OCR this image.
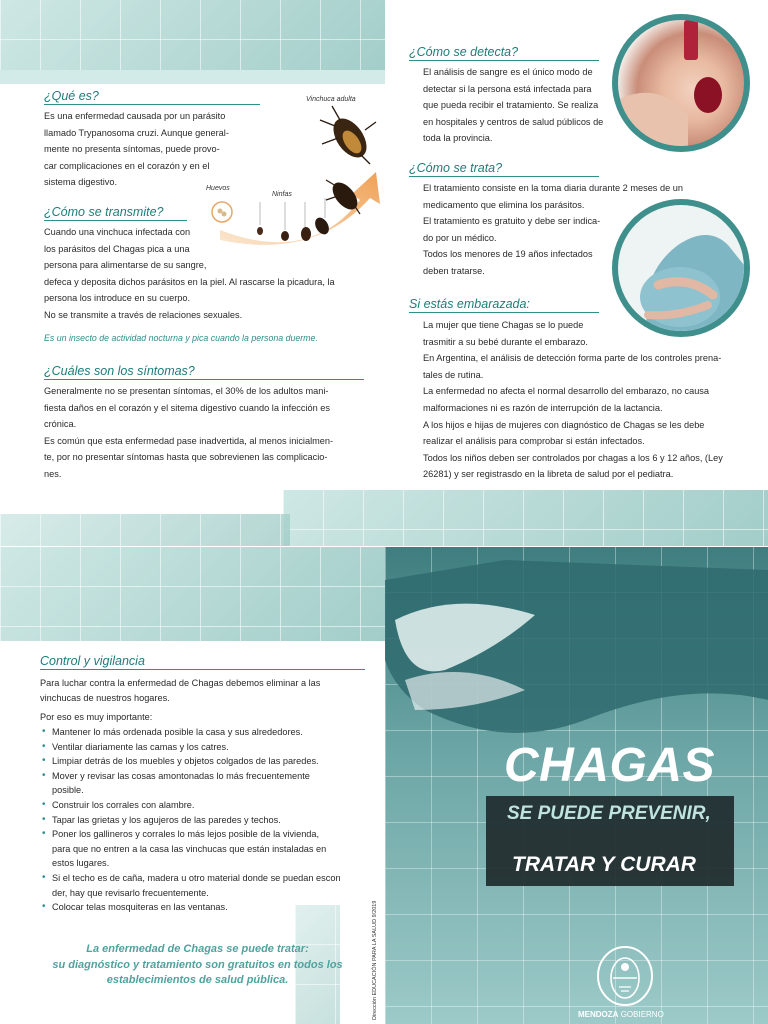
¿Qué es?

Es una enfermedad causada por un parásito

llamado Trypanosoma cruzi. Aunque general-

mente no presenta síntomas, puede provo-

car complicaciones en el corazón y en el

sistema digestivo.

Vinchuca adulta
Huevos
Ninfas
¿Cómo se transmite?

Cuando una vinchuca infectada con

los parásitos del Chagas pica a una

persona para alimentarse de su sangre,

defeca y deposita dichos parásitos en la piel. Al rascarse la picadura, la

persona los introduce en su cuerpo.

No se transmite a través de relaciones sexuales.

Es un insecto de actividad nocturna y pica cuando la persona duerme.
¿Cuáles son los síntomas?

Generalmente no se presentan síntomas, el 30% de los adultos mani-

fiesta daños en el corazón y el sitema digestivo cuando la infección es

crónica.

Es común que esta enfermedad pase inadvertida, al menos inicialmen-

te, por no presentar síntomas hasta que sobrevienen las complicacio-

nes.

¿Cómo se detecta?

El análisis de sangre es el único modo de

detectar si la persona está infectada para

que pueda recibir el tratamiento. Se realiza

en hospitales y centros de salud públicos de

toda la provincia.

¿Cómo se trata?

El tratamiento consiste en la toma diaria durante 2 meses de un

medicamento que elimina los parásitos.

El tratamiento es gratuito y debe ser indica-

do por un médico.

Todos los menores de 19 años infectados

deben tratarse.

Si estás embarazada:

La mujer que tiene Chagas se lo puede

trasmitir a su bebé durante el embarazo.

En Argentina, el análisis de detección forma parte de los controles prena-

tales de rutina.

La enfermedad no afecta el normal desarrollo del embarazo, no causa

malformaciones ni es razón de interrupción de la lactancia.

A los hijos e hijas de mujeres con diagnóstico de Chagas se les debe

realizar el análisis para comprobar si están infectados.

Todos los niños deben ser controlados por chagas a los 6 y 12 años, (Ley

26281) y ser registrasdo en la libreta de salud por el pediatra.

Control y vigilancia

Para luchar contra la enfermedad de Chagas debemos eliminar a las

vinchucas de nuestros hogares.

Por eso es muy importante:
• Mantener lo más ordenada posible la casa y sus alrededores.
• Ventilar diariamente las camas y los catres.
• Limpiar detrás de los muebles y objetos colgados de las paredes.
• Mover y revisar las cosas amontonadas lo más frecuentemente
posible.
• Construir los corrales con alambre.
• Tapar las grietas y los agujeros de las paredes y techos.
• Poner los gallineros y corrales lo más lejos posible de la vivienda,
para que no entren a la casa las vinchucas que están instaladas en
estos lugares.
• Si el techo es de caña, madera u otro material donde se puedan escon
der, hay que revisarlo frecuentemente.
• Colocar telas mosquiteras en las ventanas.

La enfermedad de Chagas se puede tratar:

su diagnóstico y tratamiento son gratuitos en todos los

establecimientos de salud pública.	Dirección EDUCACIÓN PARA LA SALUD 9/2019
CHAGAS
SE PUEDE PREVENIR,
TRATAR Y CURAR
MENDOZA GOBIERNO
